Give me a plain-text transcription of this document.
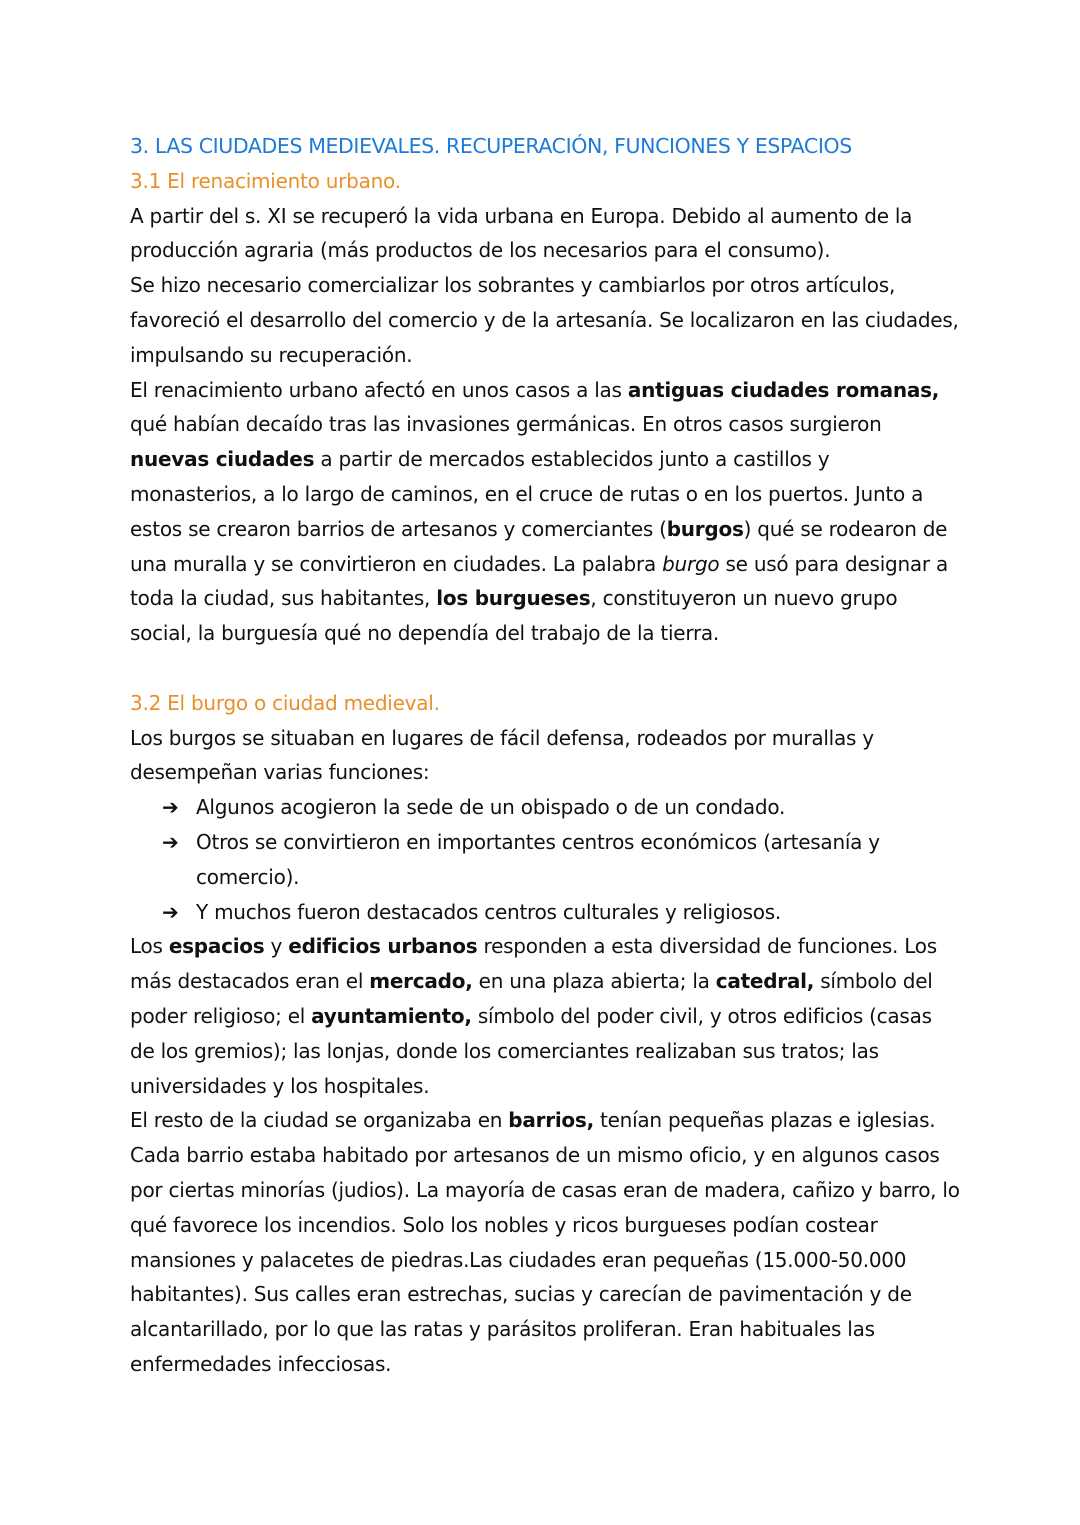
3. LAS CIUDADES MEDIEVALES. RECUPERACIÓN, FUNCIONES Y ESPACIOS
3.1 El renacimiento urbano.

A partir del s. XI se recuperó la vida urbana en Europa. Debido al aumento de la producción agraria (más productos de los necesarios para el consumo).

Se hizo necesario comercializar los sobrantes y cambiarlos por otros artículos, favoreció el desarrollo del comercio y de la artesanía. Se localizaron en las ciudades, impulsando su recuperación.

El renacimiento urbano afectó en unos casos a las antiguas ciudades romanas, qué habían decaído tras las invasiones germánicas. En otros casos surgieron nuevas ciudades a partir de mercados establecidos junto a castillos y monasterios, a lo largo de caminos, en el cruce de rutas o en los puertos. Junto a estos se crearon barrios de artesanos y comerciantes (burgos) qué se rodearon de una muralla y se convirtieron en ciudades. La palabra burgo se usó para designar a toda la ciudad, sus habitantes, los burgueses, constituyeron un nuevo grupo social, la burguesía qué no dependía del trabajo de la tierra.

3.2 El burgo o ciudad medieval.

Los burgos se situaban en lugares de fácil defensa, rodeados por murallas y desempeñan varias funciones:

➔ Algunos acogieron la sede de un obispado o de un condado.
➔ Otros se convirtieron en importantes centros económicos (artesanía y comercio).
➔ Y muchos fueron destacados centros culturales y religiosos.

Los espacios y edificios urbanos responden a esta diversidad de funciones. Los más destacados eran el mercado, en una plaza abierta; la catedral, símbolo del poder religioso; el ayuntamiento, símbolo del poder civil, y otros edificios (casas de los gremios); las lonjas, donde los comerciantes realizaban sus tratos; las universidades y los hospitales.

El resto de la ciudad se organizaba en barrios, tenían pequeñas plazas e iglesias. Cada barrio estaba habitado por artesanos de un mismo oficio, y en algunos casos por ciertas minorías (judios). La mayoría de casas eran de madera, cañizo y barro, lo qué favorece los incendios. Solo los nobles y ricos burgueses podían costear mansiones y palacetes de piedras.Las ciudades eran pequeñas (15.000-50.000 habitantes). Sus calles eran estrechas, sucias y carecían de pavimentación y de alcantarillado, por lo que las ratas y parásitos proliferan. Eran habituales las enfermedades infecciosas.
